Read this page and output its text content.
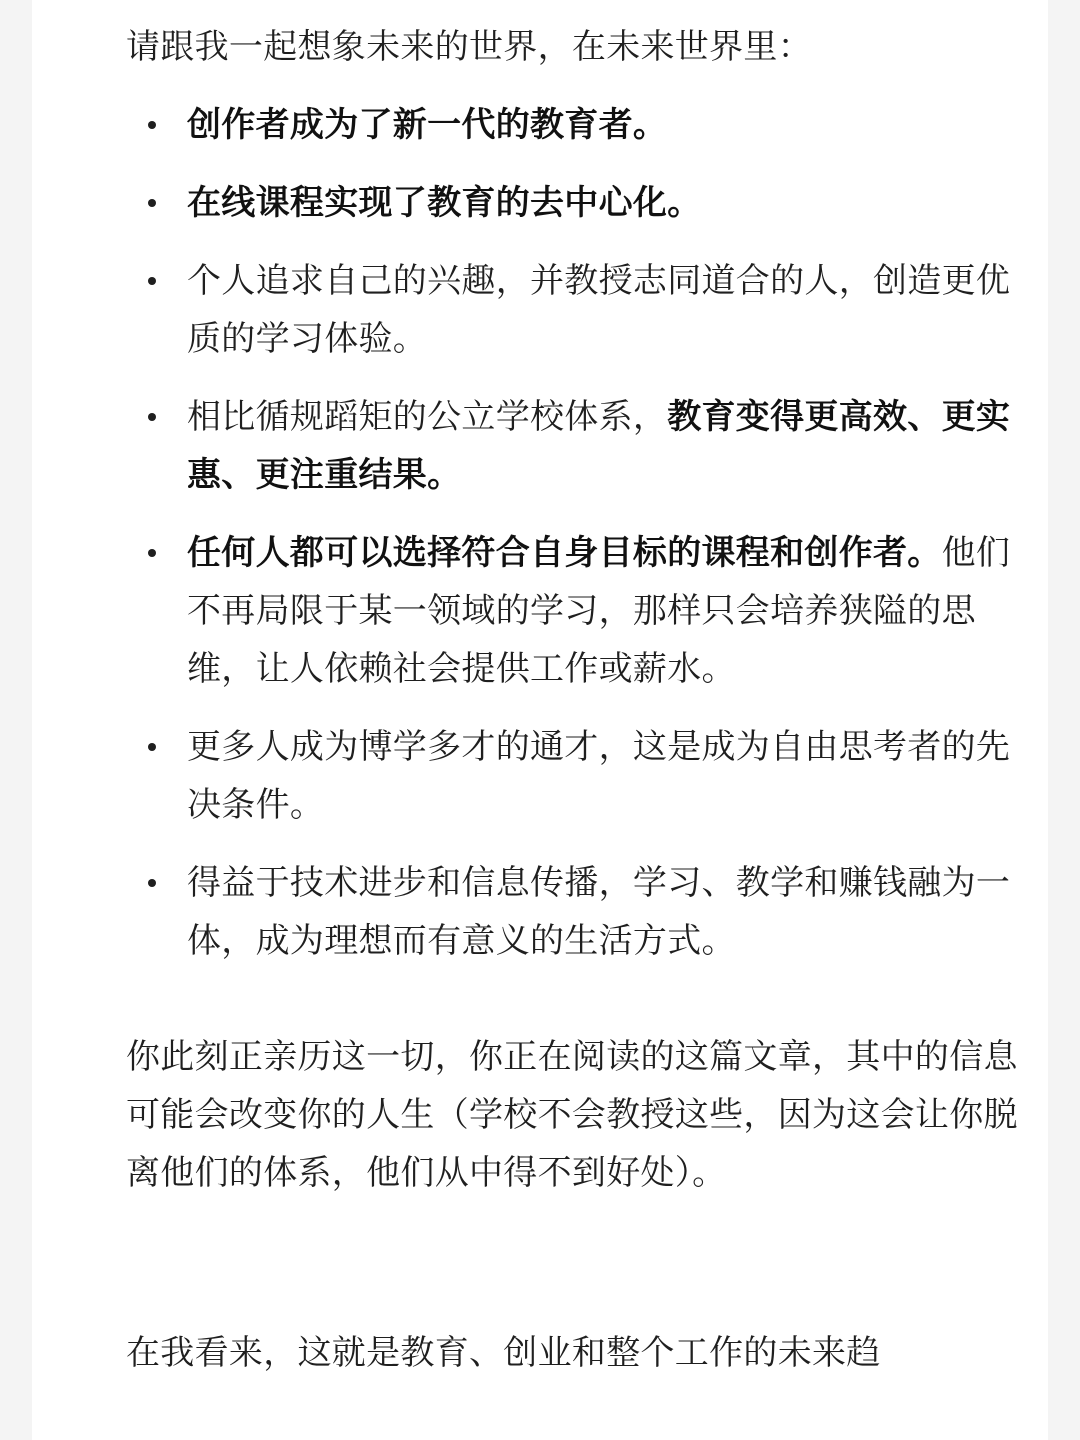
请跟我一起想象未来的世界，在未来世界里：

创作者成为了新一代的教育者。
在线课程实现了教育的去中心化。
个人追求自己的兴趣，并教授志同道合的人，创造更优质的学习体验。
相比循规蹈矩的公立学校体系，教育变得更高效、更实惠、更注重结果。
任何人都可以选择符合自身目标的课程和创作者。他们不再局限于某一领域的学习，那样只会培养狭隘的思维，让人依赖社会提供工作或薪水。
更多人成为博学多才的通才，这是成为自由思考者的先决条件。
得益于技术进步和信息传播，学习、教学和赚钱融为一体，成为理想而有意义的生活方式。

你此刻正亲历这一切，你正在阅读的这篇文章，其中的信息可能会改变你的人生（学校不会教授这些，因为这会让你脱离他们的体系，他们从中得不到好处）。

在我看来，这就是教育、创业和整个工作的未来趋
